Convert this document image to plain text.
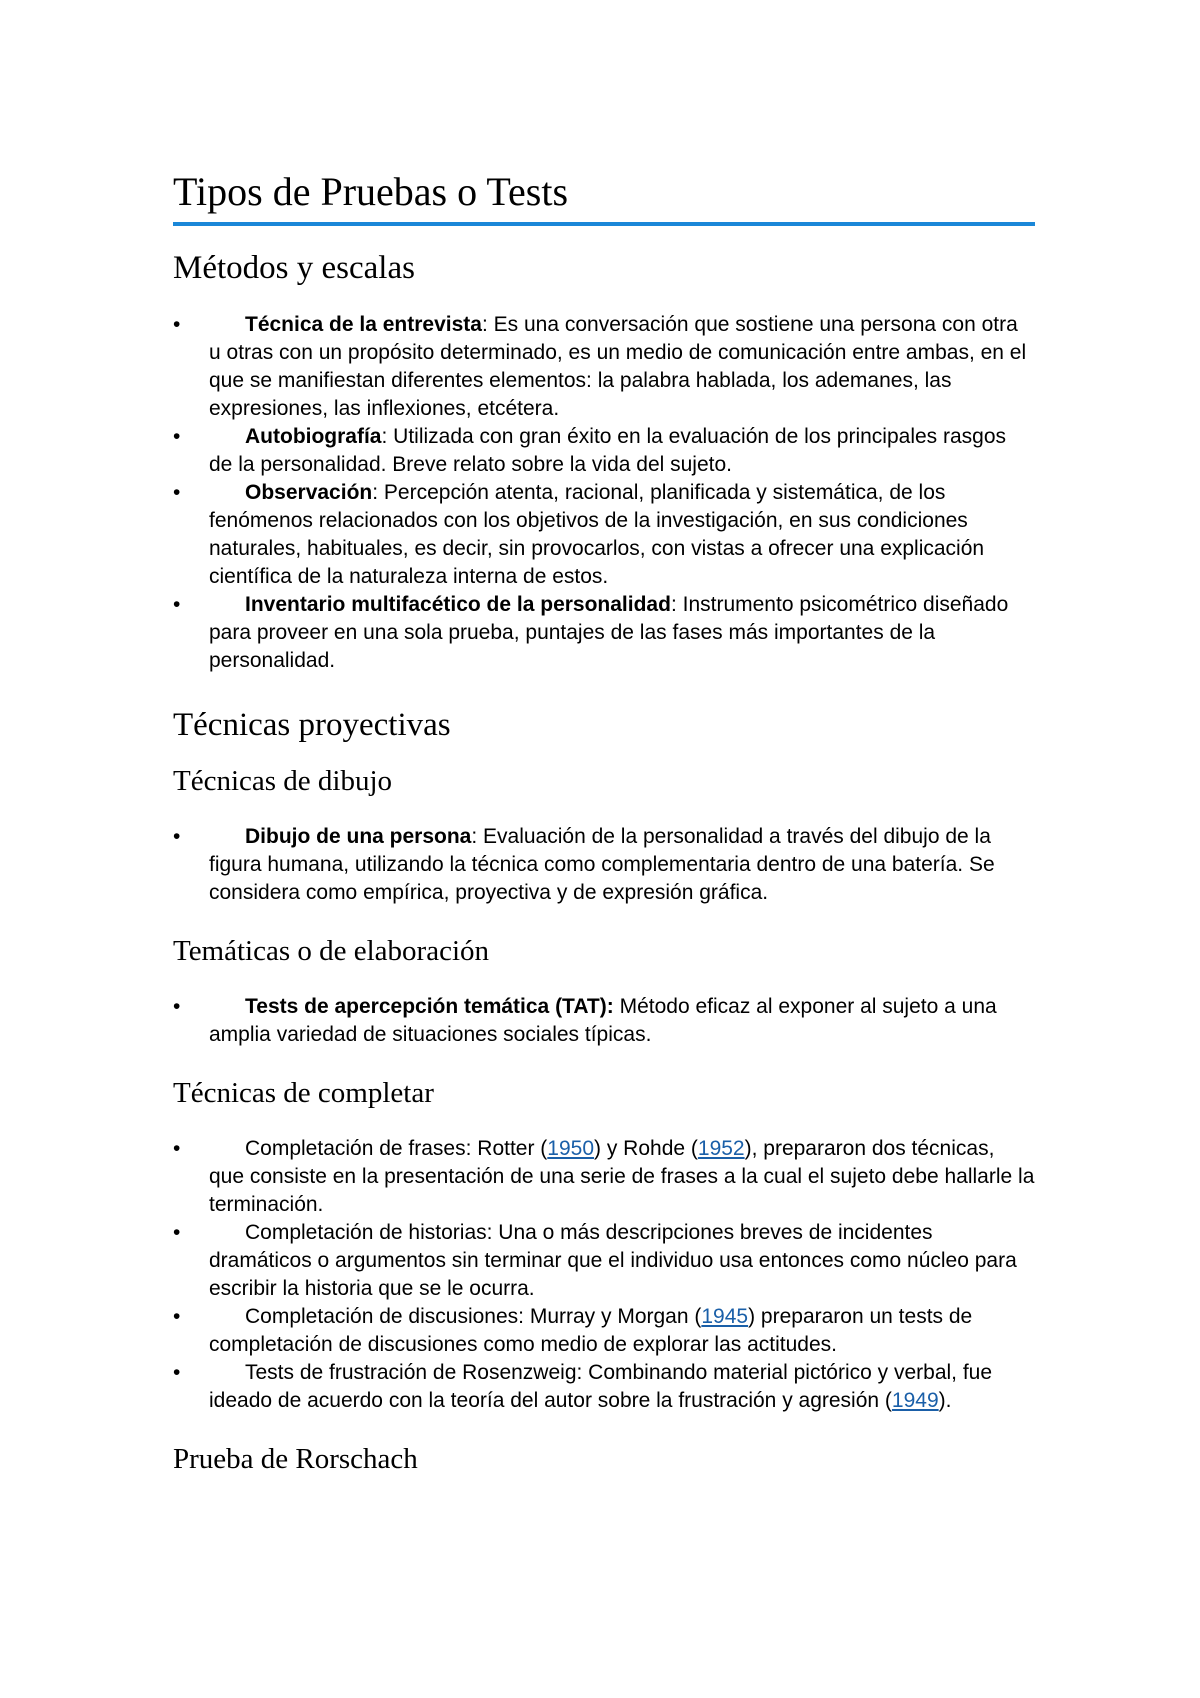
Tipos de Pruebas o Tests
Métodos y escalas
•	Técnica de la entrevista: Es una conversación que sostiene una persona con otra u otras con un propósito determinado, es un medio de comunicación entre ambas, en el que se manifiestan diferentes elementos: la palabra hablada, los ademanes, las expresiones, las inflexiones, etcétera.
•	Autobiografía: Utilizada con gran éxito en la evaluación de los principales rasgos de la personalidad. Breve relato sobre la vida del sujeto.
•	Observación: Percepción atenta, racional, planificada y sistemática, de los fenómenos relacionados con los objetivos de la investigación, en sus condiciones naturales, habituales, es decir, sin provocarlos, con vistas a ofrecer una explicación científica de la naturaleza interna de estos.
•	Inventario multifacético de la personalidad: Instrumento psicométrico diseñado para proveer en una sola prueba, puntajes de las fases más importantes de la personalidad.
Técnicas proyectivas
Técnicas de dibujo
•	Dibujo de una persona: Evaluación de la personalidad a través del dibujo de la figura humana, utilizando la técnica como complementaria dentro de una batería. Se considera como empírica, proyectiva y de expresión gráfica.
Temáticas o de elaboración
•	Tests de apercepción temática (TAT): Método eficaz al exponer al sujeto a una amplia variedad de situaciones sociales típicas.
Técnicas de completar
•	Completación de frases: Rotter (1950) y Rohde (1952), prepararon dos técnicas, que consiste en la presentación de una serie de frases a la cual el sujeto debe hallarle la terminación.
•	Completación de historias: Una o más descripciones breves de incidentes dramáticos o argumentos sin terminar que el individuo usa entonces como núcleo para escribir la historia que se le ocurra.
•	Completación de discusiones: Murray y Morgan (1945) prepararon un tests de completación de discusiones como medio de explorar las actitudes.
•	Tests de frustración de Rosenzweig: Combinando material pictórico y verbal, fue ideado de acuerdo con la teoría del autor sobre la frustración y agresión (1949).
Prueba de Rorschach
